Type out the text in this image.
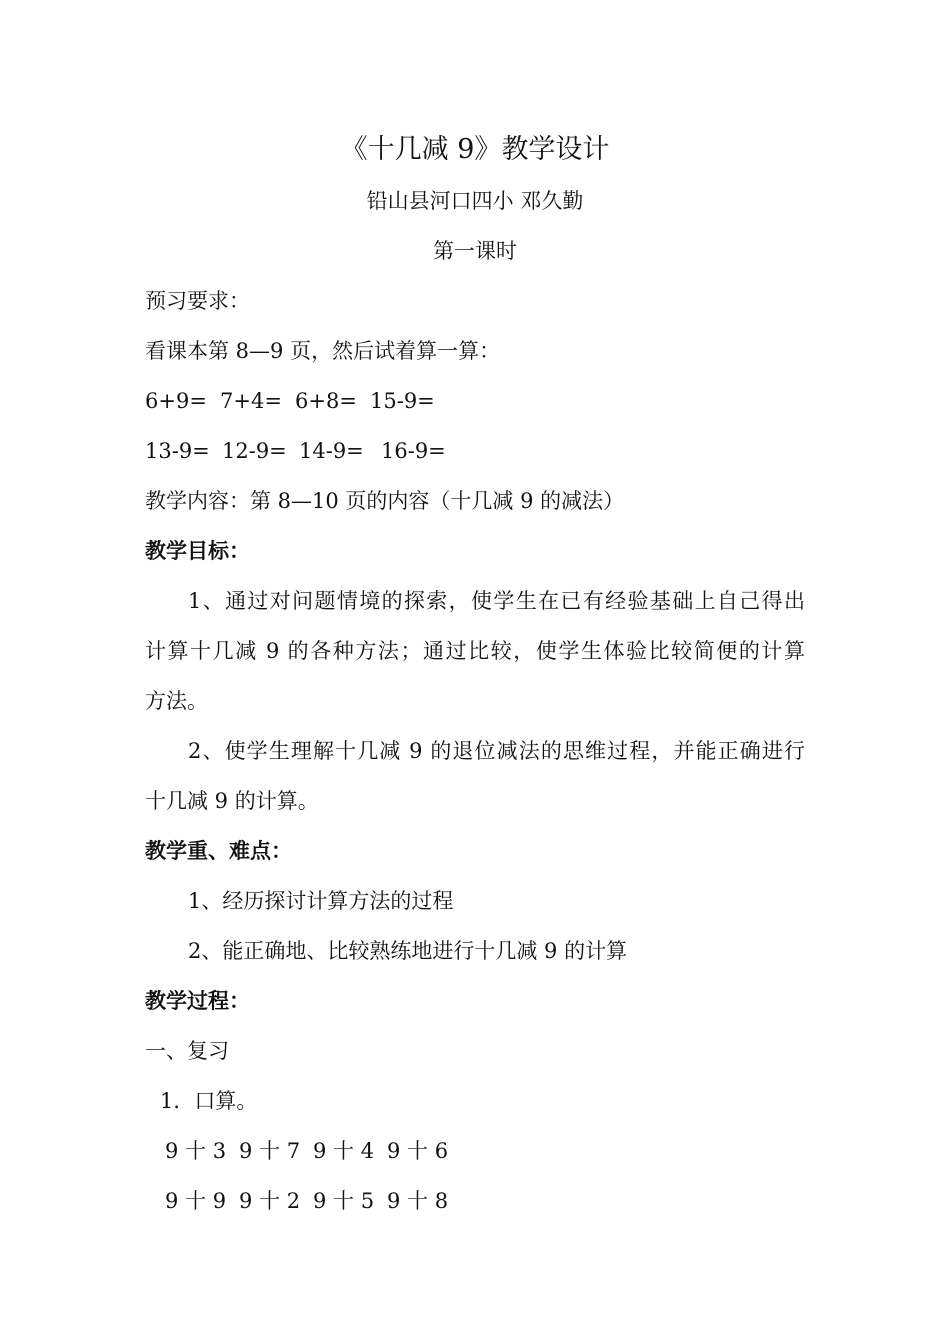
《十几减 9》教学设计
铅山县河口四小 邓久勤
第一课时
预习要求：
看课本第 8—9 页，然后试着算一算：
6+9= 7+4= 6+8= 15-9=
13-9= 12-9= 14-9= 16-9=
教学内容：第 8—10 页的内容（十几减 9 的减法）
教学目标：
1、通过对问题情境的探索，使学生在已有经验基础上自己得出
计算十几减 9 的各种方法；通过比较，使学生体验比较简便的计算
方法。
2、使学生理解十几减 9 的退位减法的思维过程，并能正确进行
十几减 9 的计算。
教学重、难点：
1、经历探讨计算方法的过程
2、能正确地、比较熟练地进行十几减 9 的计算
教学过程：
一、复习
1．口算。
9 十 3 9 十 7 9 十 4 9 十 6
9 十 9 9 十 2 9 十 5 9 十 8
